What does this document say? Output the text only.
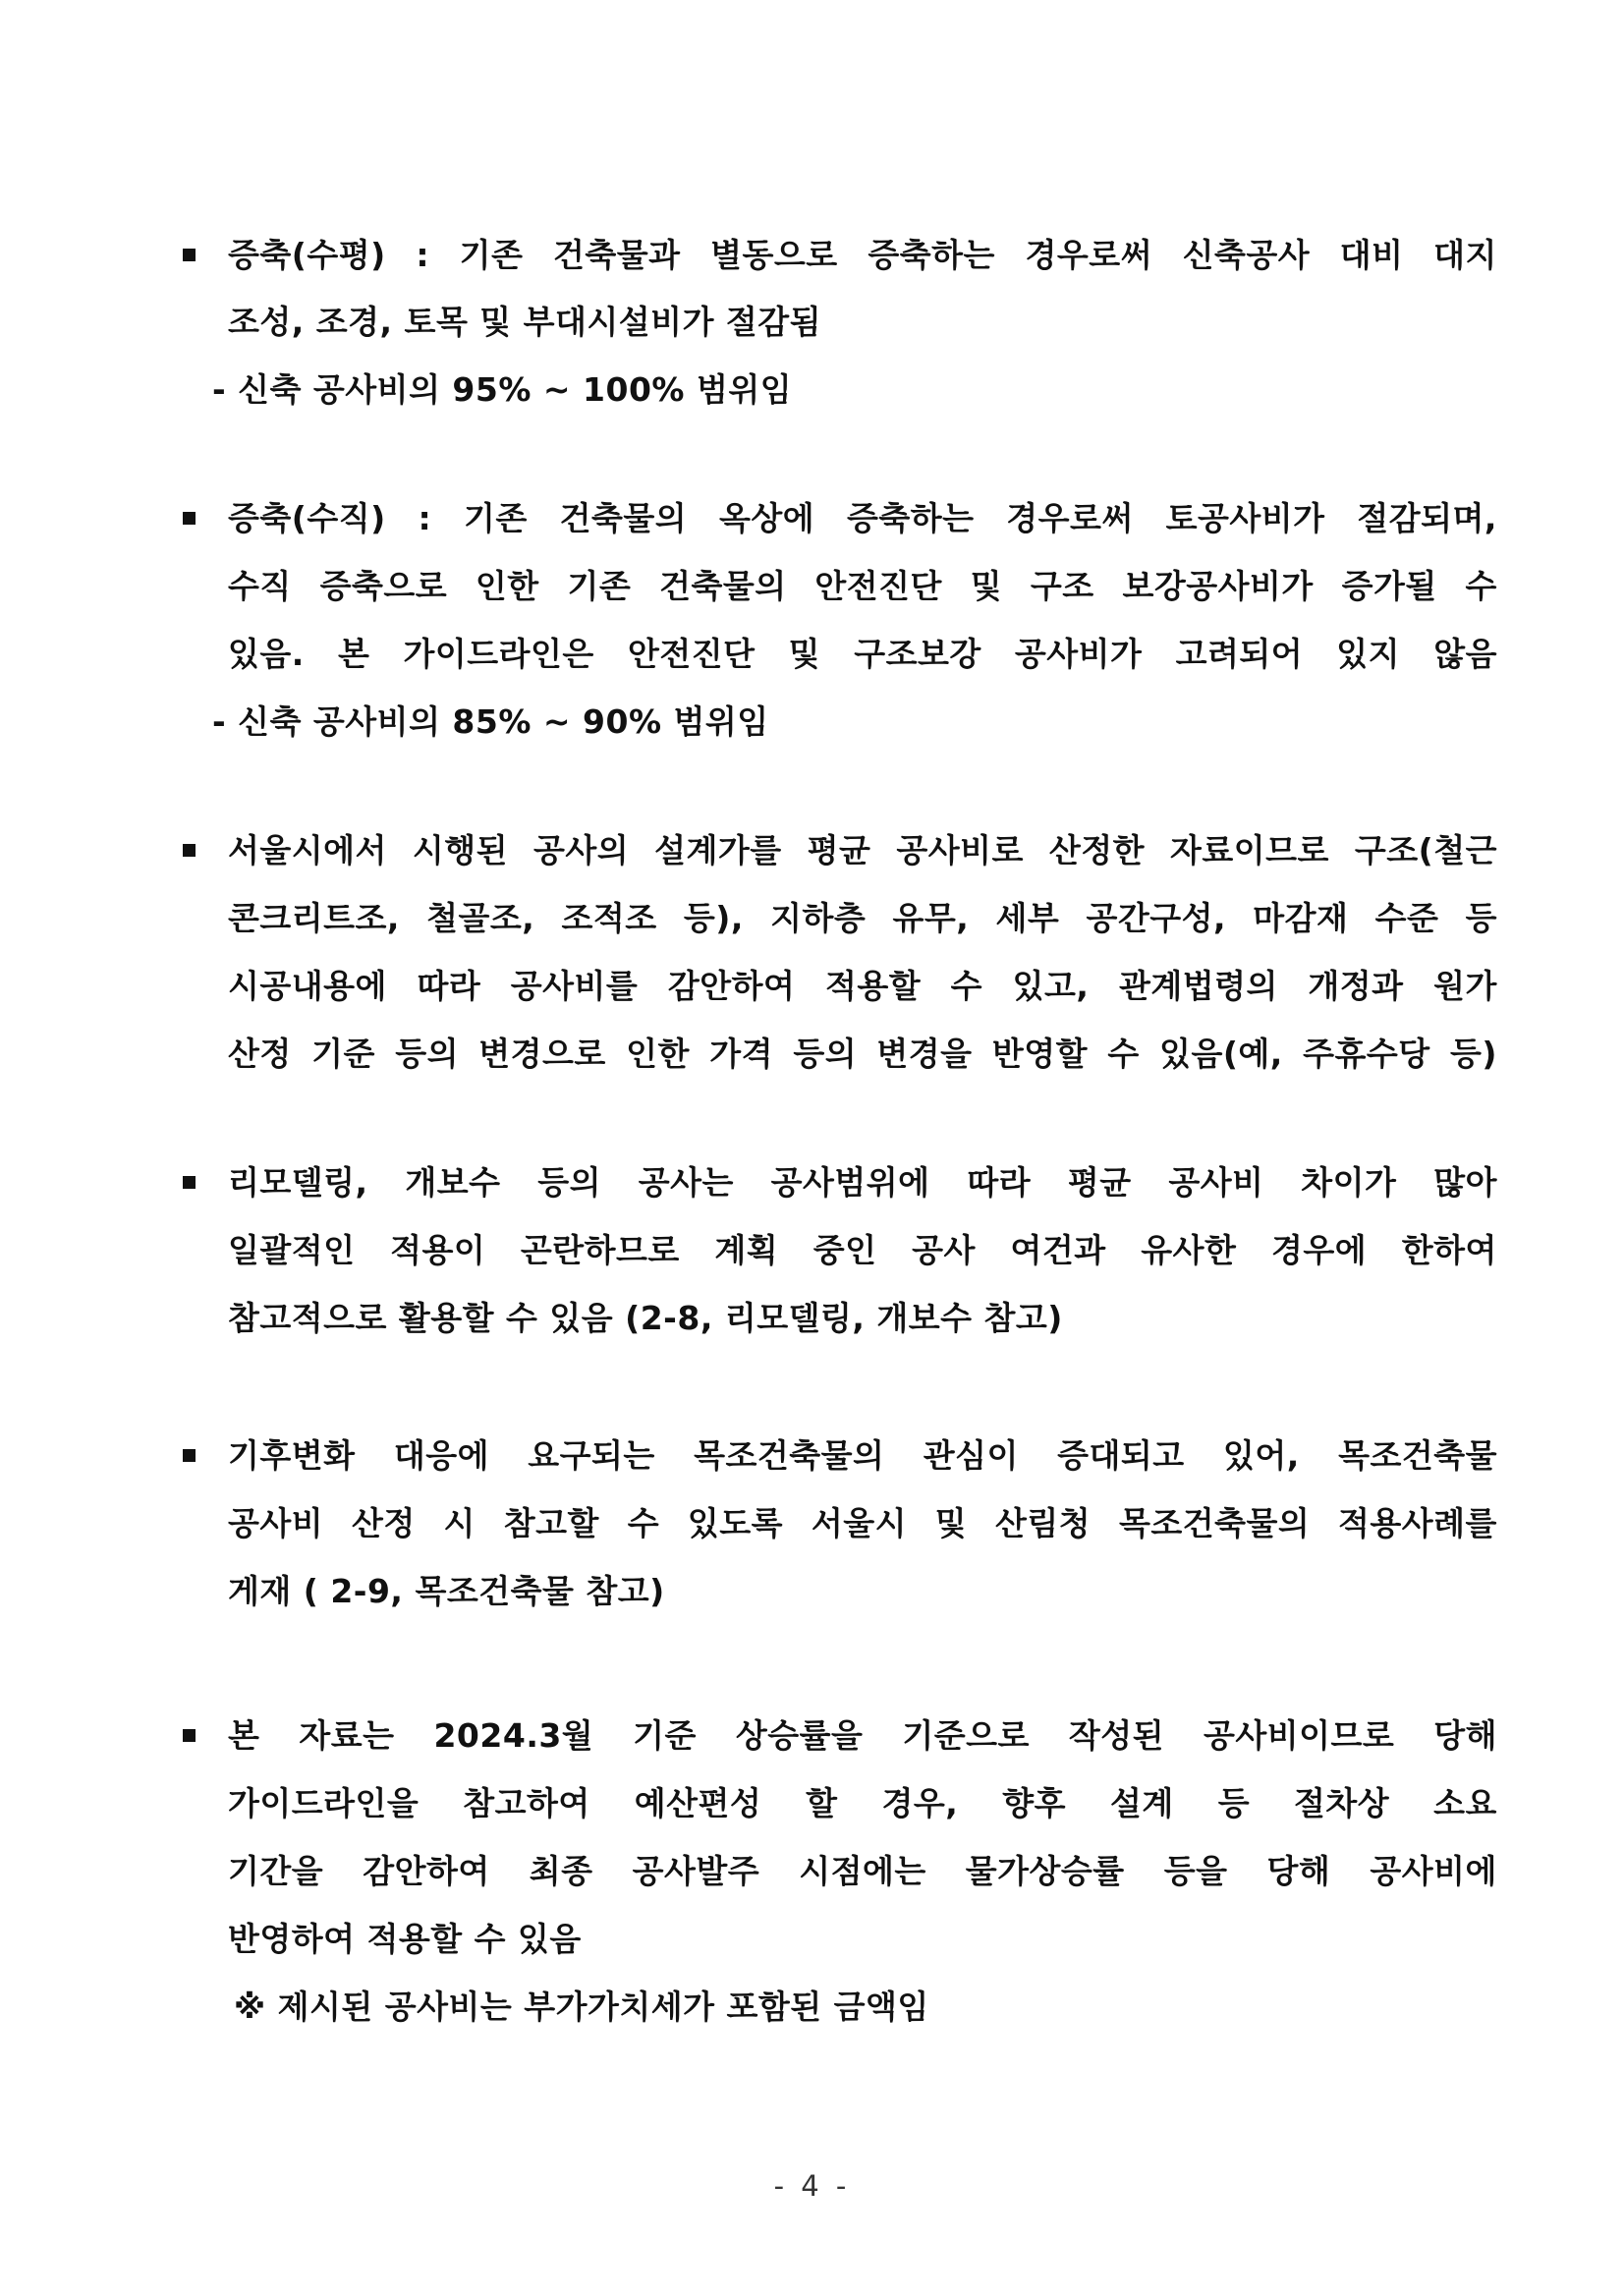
증축(수평) : 기존 건축물과 별동으로 증축하는 경우로써 신축공사 대비 대지
조성, 조경, 토목 및 부대시설비가 절감됨
- 신축 공사비의 95% ~ 100% 범위임
증축(수직) : 기존 건축물의 옥상에 증축하는 경우로써 토공사비가 절감되며,
수직 증축으로 인한 기존 건축물의 안전진단 및 구조 보강공사비가 증가될 수
있음. 본 가이드라인은 안전진단 및 구조보강 공사비가 고려되어 있지 않음
- 신축 공사비의 85% ~ 90% 범위임
서울시에서 시행된 공사의 설계가를 평균 공사비로 산정한 자료이므로 구조(철근
콘크리트조, 철골조, 조적조 등), 지하층 유무, 세부 공간구성, 마감재 수준 등
시공내용에 따라 공사비를 감안하여 적용할 수 있고, 관계법령의 개정과 원가
산정 기준 등의 변경으로 인한 가격 등의 변경을 반영할 수 있음(예, 주휴수당 등)
리모델링, 개보수 등의 공사는 공사범위에 따라 평균 공사비 차이가 많아
일괄적인 적용이 곤란하므로 계획 중인 공사 여건과 유사한 경우에 한하여
참고적으로 활용할 수 있음 (2-8, 리모델링, 개보수 참고)
기후변화 대응에 요구되는 목조건축물의 관심이 증대되고 있어, 목조건축물
공사비 산정 시 참고할 수 있도록 서울시 및 산림청 목조건축물의 적용사례를
게재 ( 2-9, 목조건축물 참고)
본 자료는 2024.3월 기준 상승률을 기준으로 작성된 공사비이므로 당해
가이드라인을 참고하여 예산편성 할 경우, 향후 설계 등 절차상 소요
기간을 감안하여 최종 공사발주 시점에는 물가상승률 등을 당해 공사비에
반영하여 적용할 수 있음
※ 제시된 공사비는 부가가치세가 포함된 금액임
- 4 -
